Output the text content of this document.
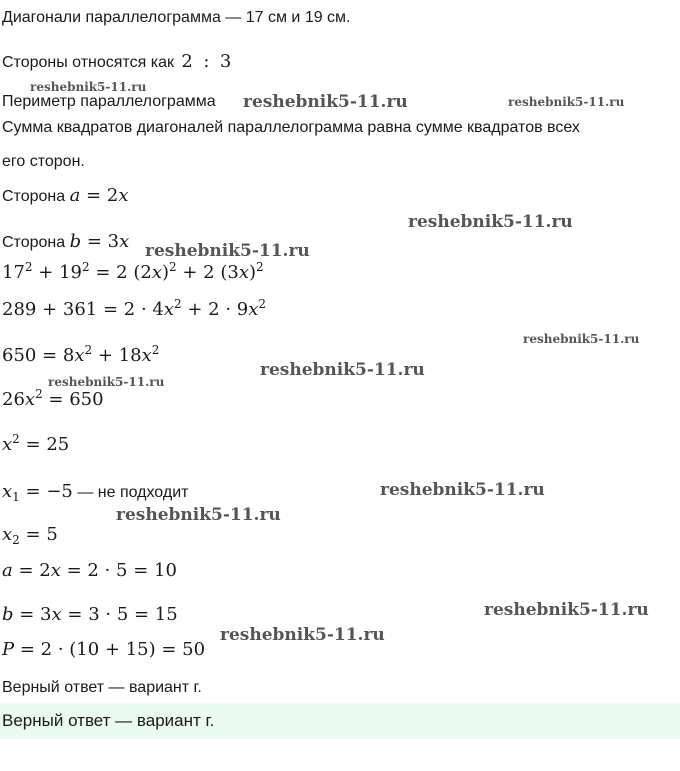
Диагонали параллелограмма — 17 см и 19 см.
Стороны относятся как 2 : 3
Периметр параллелограмма
Сумма квадратов диагоналей параллелограмма равна сумме квадратов всех
его сторон.
Сторона a = 2x
Сторона b = 3x
$17^2 + 19^2 = 2$ $(2x)^2 + 2$ $(3x)^2$
$289 + 361 = 2 \cdot 4x^2 + 2 \cdot 9x^2$
$650 = 8x^2 + 18x^2$
$26x^2 = 650$
$x^2 = 25$
$x_1 = -5$ — не подходит
$x_2 = 5$
a = 2x = 2 · 5 = 10
b = 3x = 3 · 5 = 15
P = 2 · (10 + 15) = 50
Верный ответ — вариант г.
Верный ответ — вариант г.
reshebnik5-11.ru
reshebnik5-11.ru	reshebnik5-11.ru
reshebnik5-11.ru
reshebnik5-11.ru
reshebnik5-11.ru
reshebnik5-11.ru
reshebnik5-11.ru
reshebnik5-11.ru
reshebnik5-11.ru
reshebnik5-11.ru
reshebnik5-11.ru
